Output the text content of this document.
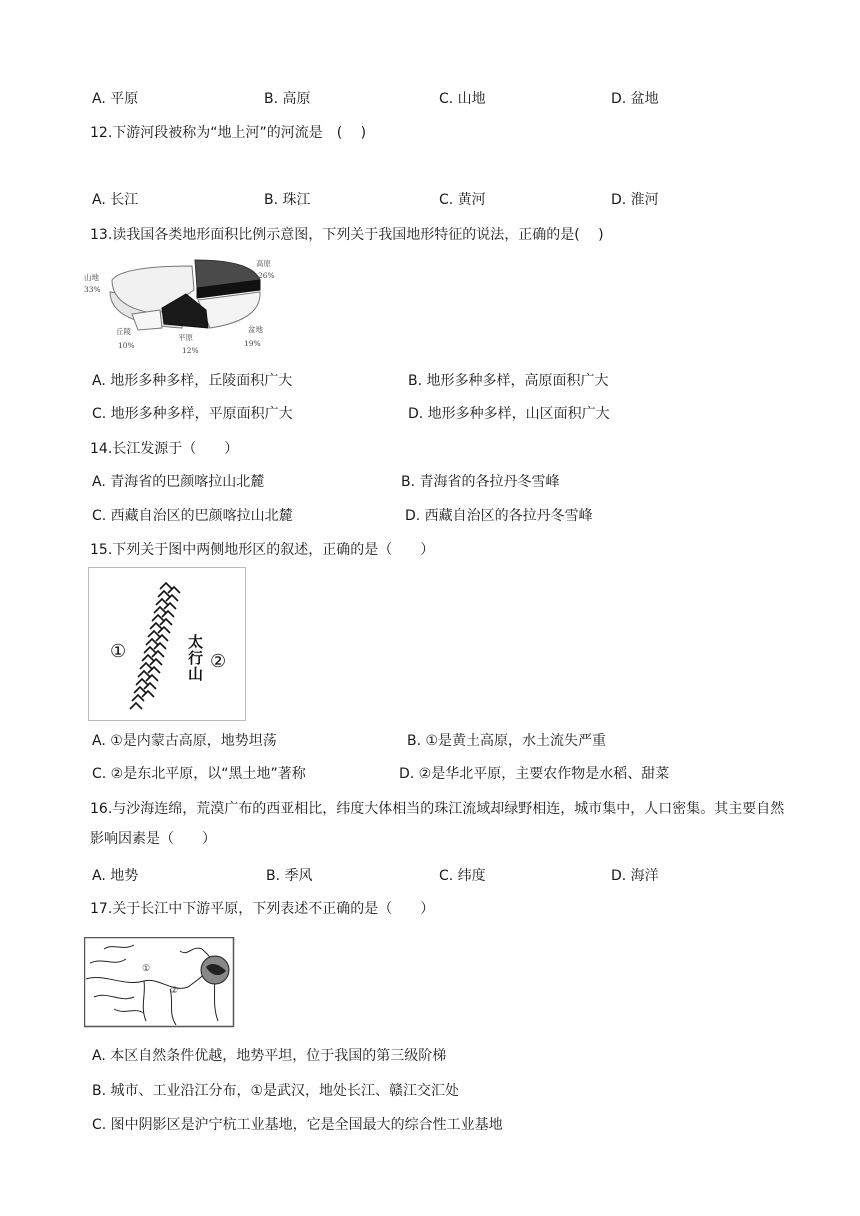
A. 平原	B. 高原	C. 山地	D. 盆地
12.下游河段被称为“地上河”的河流是　(　 )
A. 长江	B. 珠江	C. 黄河	D. 淮河
13.读我国各类地形面积比例示意图，下列关于我国地形特征的说法，正确的是(　 )
山地
33%
高原
26%
盆地
19%
平原
12%
丘陵
10%
A. 地形多种多样，丘陵面积广大	B. 地形多种多样，高原面积广大
C. 地形多种多样，平原面积广大	D. 地形多种多样，山区面积广大
14.长江发源于（　　）
A. 青海省的巴颜喀拉山北麓	B. 青海省的各拉丹冬雪峰
C. 西藏自治区的巴颜喀拉山北麓	D. 西藏自治区的各拉丹冬雪峰
15.下列关于图中两侧地形区的叙述，正确的是（　　）
①	②
太
行
山
A. ①是内蒙古高原，地势坦荡	B. ①是黄土高原，水土流失严重
C. ②是东北平原，以“黑土地”著称	D. ②是华北平原，主要农作物是水稻、甜菜
16.与沙海连绵，荒漠广布的西亚相比，纬度大体相当的珠江流域却绿野相连，城市集中，人口密集。其主要自然影响因素是（　　）
A. 地势	B. 季风	C. 纬度	D. 海洋
17.关于长江中下游平原，下列表述不正确的是（　　）
①
②
A. 本区自然条件优越，地势平坦，位于我国的第三级阶梯
B. 城市、工业沿江分布，①是武汉，地处长江、赣江交汇处
C. 图中阴影区是沪宁杭工业基地，它是全国最大的综合性工业基地
